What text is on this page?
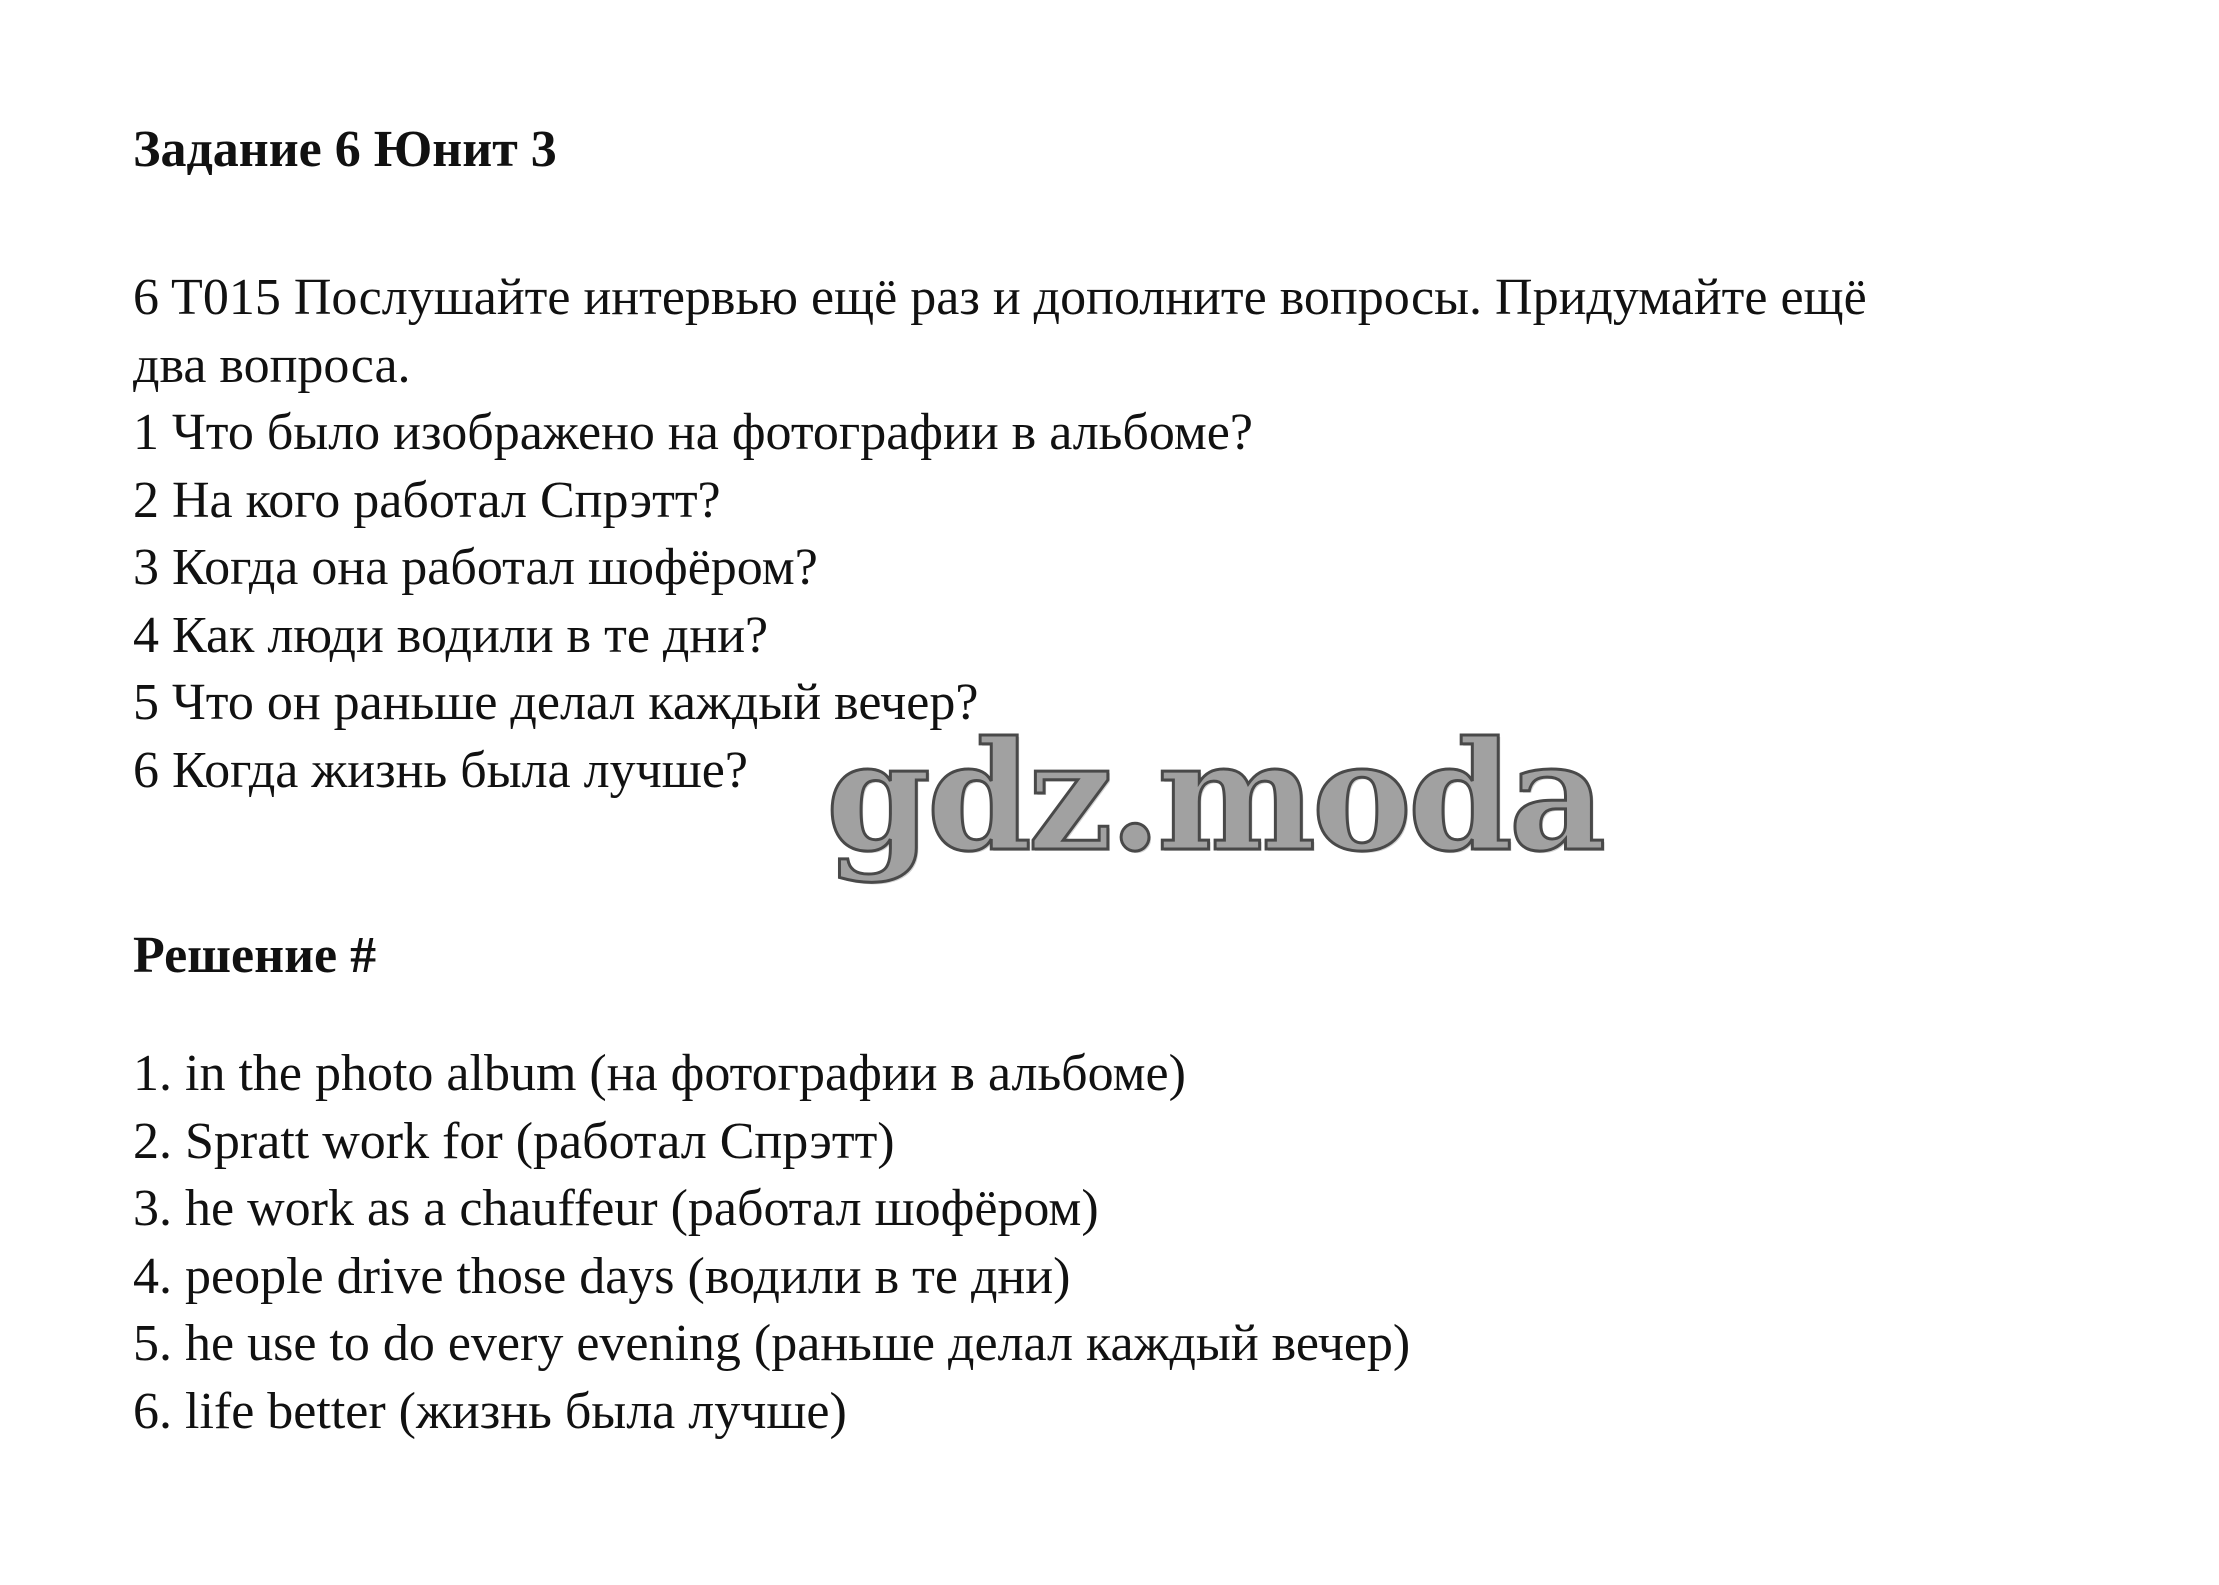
Задание 6 Юнит 3
6 T015 Послушайте интервью ещё раз и дополните вопросы. Придумайте ещё
два вопроса.
1 Что было изображено на фотографии в альбоме?
2 На кого работал Спрэтт?
3 Когда она работал шофёром?
4 Как люди водили в те дни?
5 Что он раньше делал каждый вечер?
6 Когда жизнь была лучше? gdz.moda
Решение #
1. in the photo album (на фотографии в альбоме)
2. Spratt work for (работал Спрэтт)
3. he work as a chauffeur (работал шофёром)
4. people drive those days (водили в те дни)
5. he use to do every evening (раньше делал каждый вечер)
6. life better (жизнь была лучше)
